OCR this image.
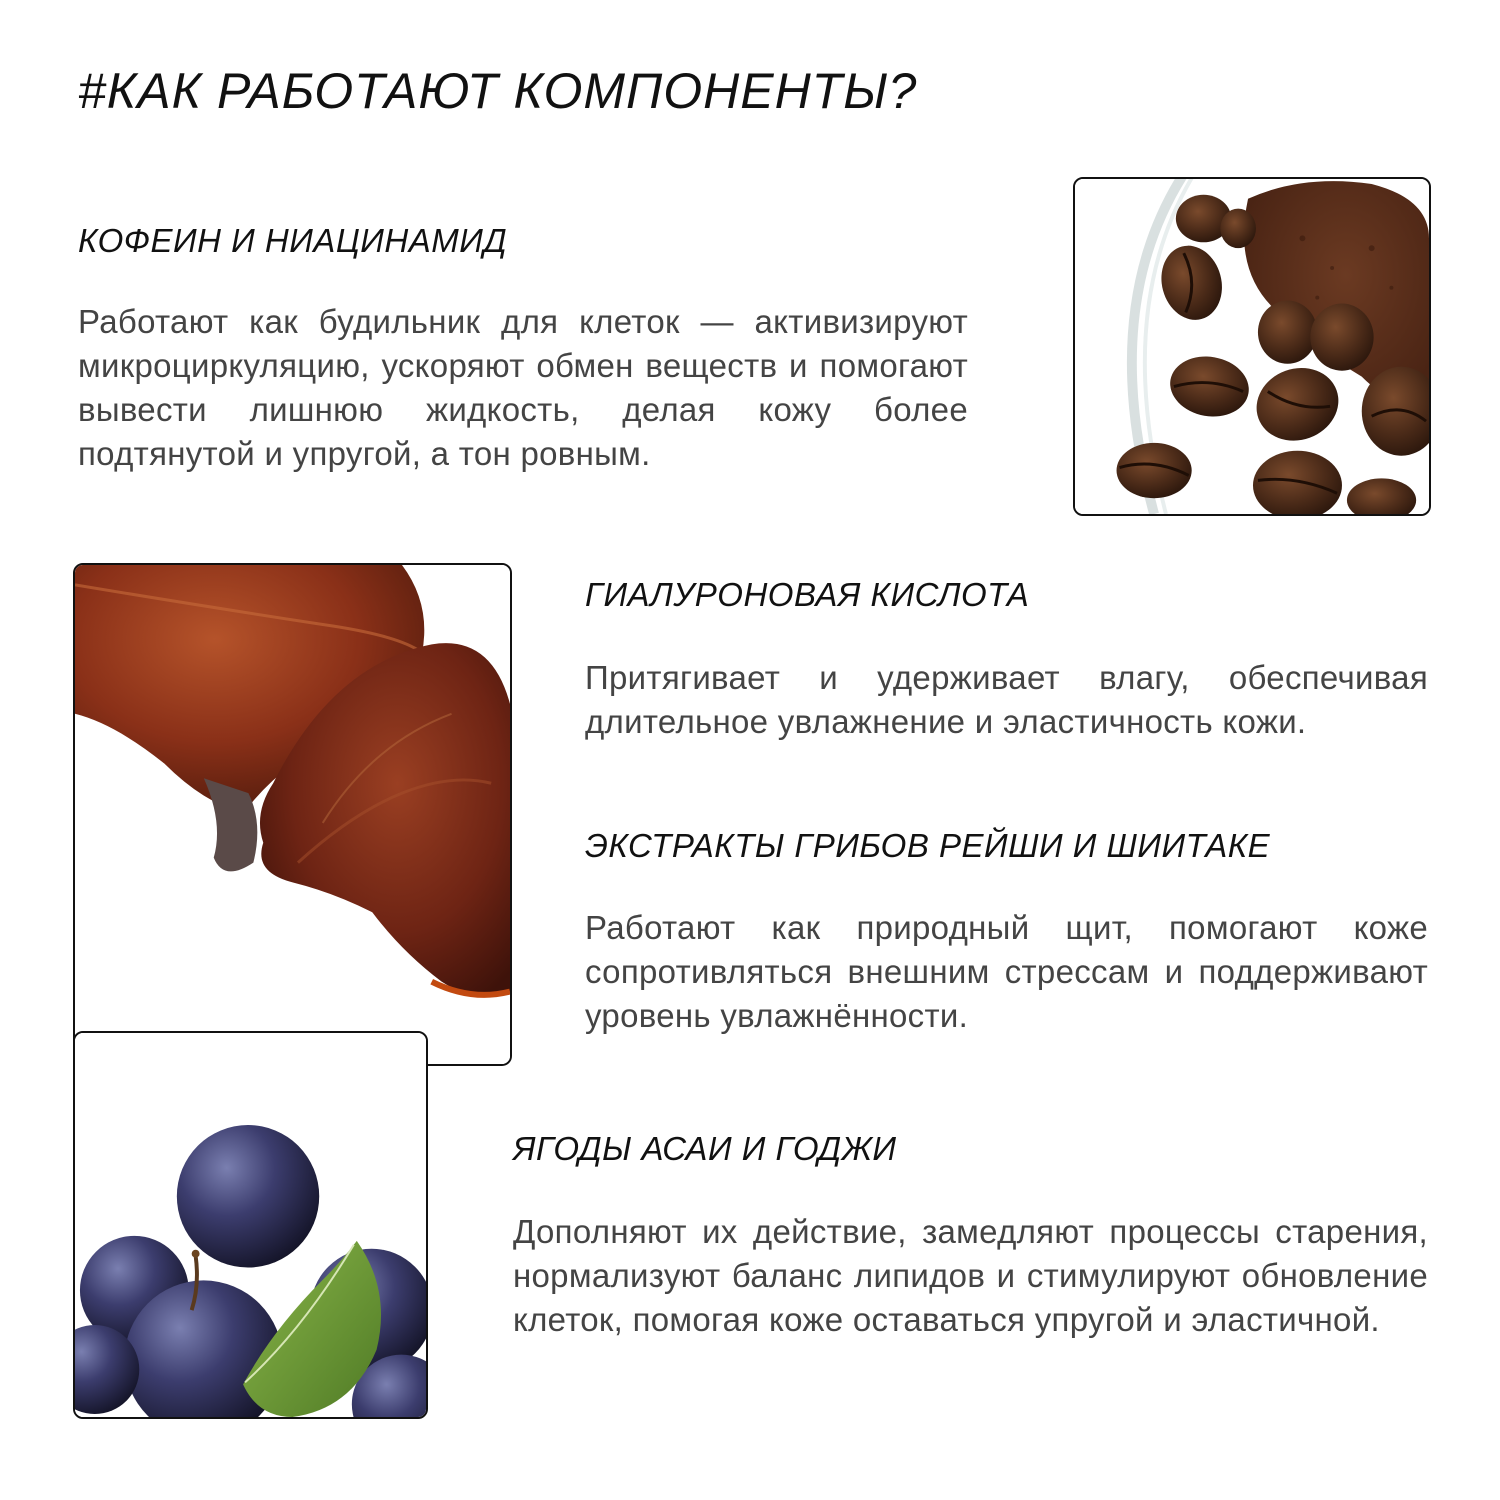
#КАК РАБОТАЮТ КОМПОНЕНТЫ?
КОФЕИН И НИАЦИНАМИД

Работают как будильник для клеток — активизируют микроциркуляцию, ускоряют обмен веществ и помогают вывести лишнюю жидкость, делая кожу более подтянутой и упругой, а тон ровным.

ГИАЛУРОНОВАЯ КИСЛОТА

Притягивает и удерживает влагу, обеспечивая длительное увлажнение и эластичность кожи.

ЭКСТРАКТЫ ГРИБОВ РЕЙШИ И ШИИТАКЕ

Работают как природный щит, помогают коже сопротивляться внешним стрессам и поддерживают уровень увлажнённости.

ЯГОДЫ АСАИ И ГОДЖИ

Дополняют их действие, замедляют процессы старения, нормализуют баланс липидов и стимулируют обновление клеток, помогая коже оставаться упругой и эластичной.
